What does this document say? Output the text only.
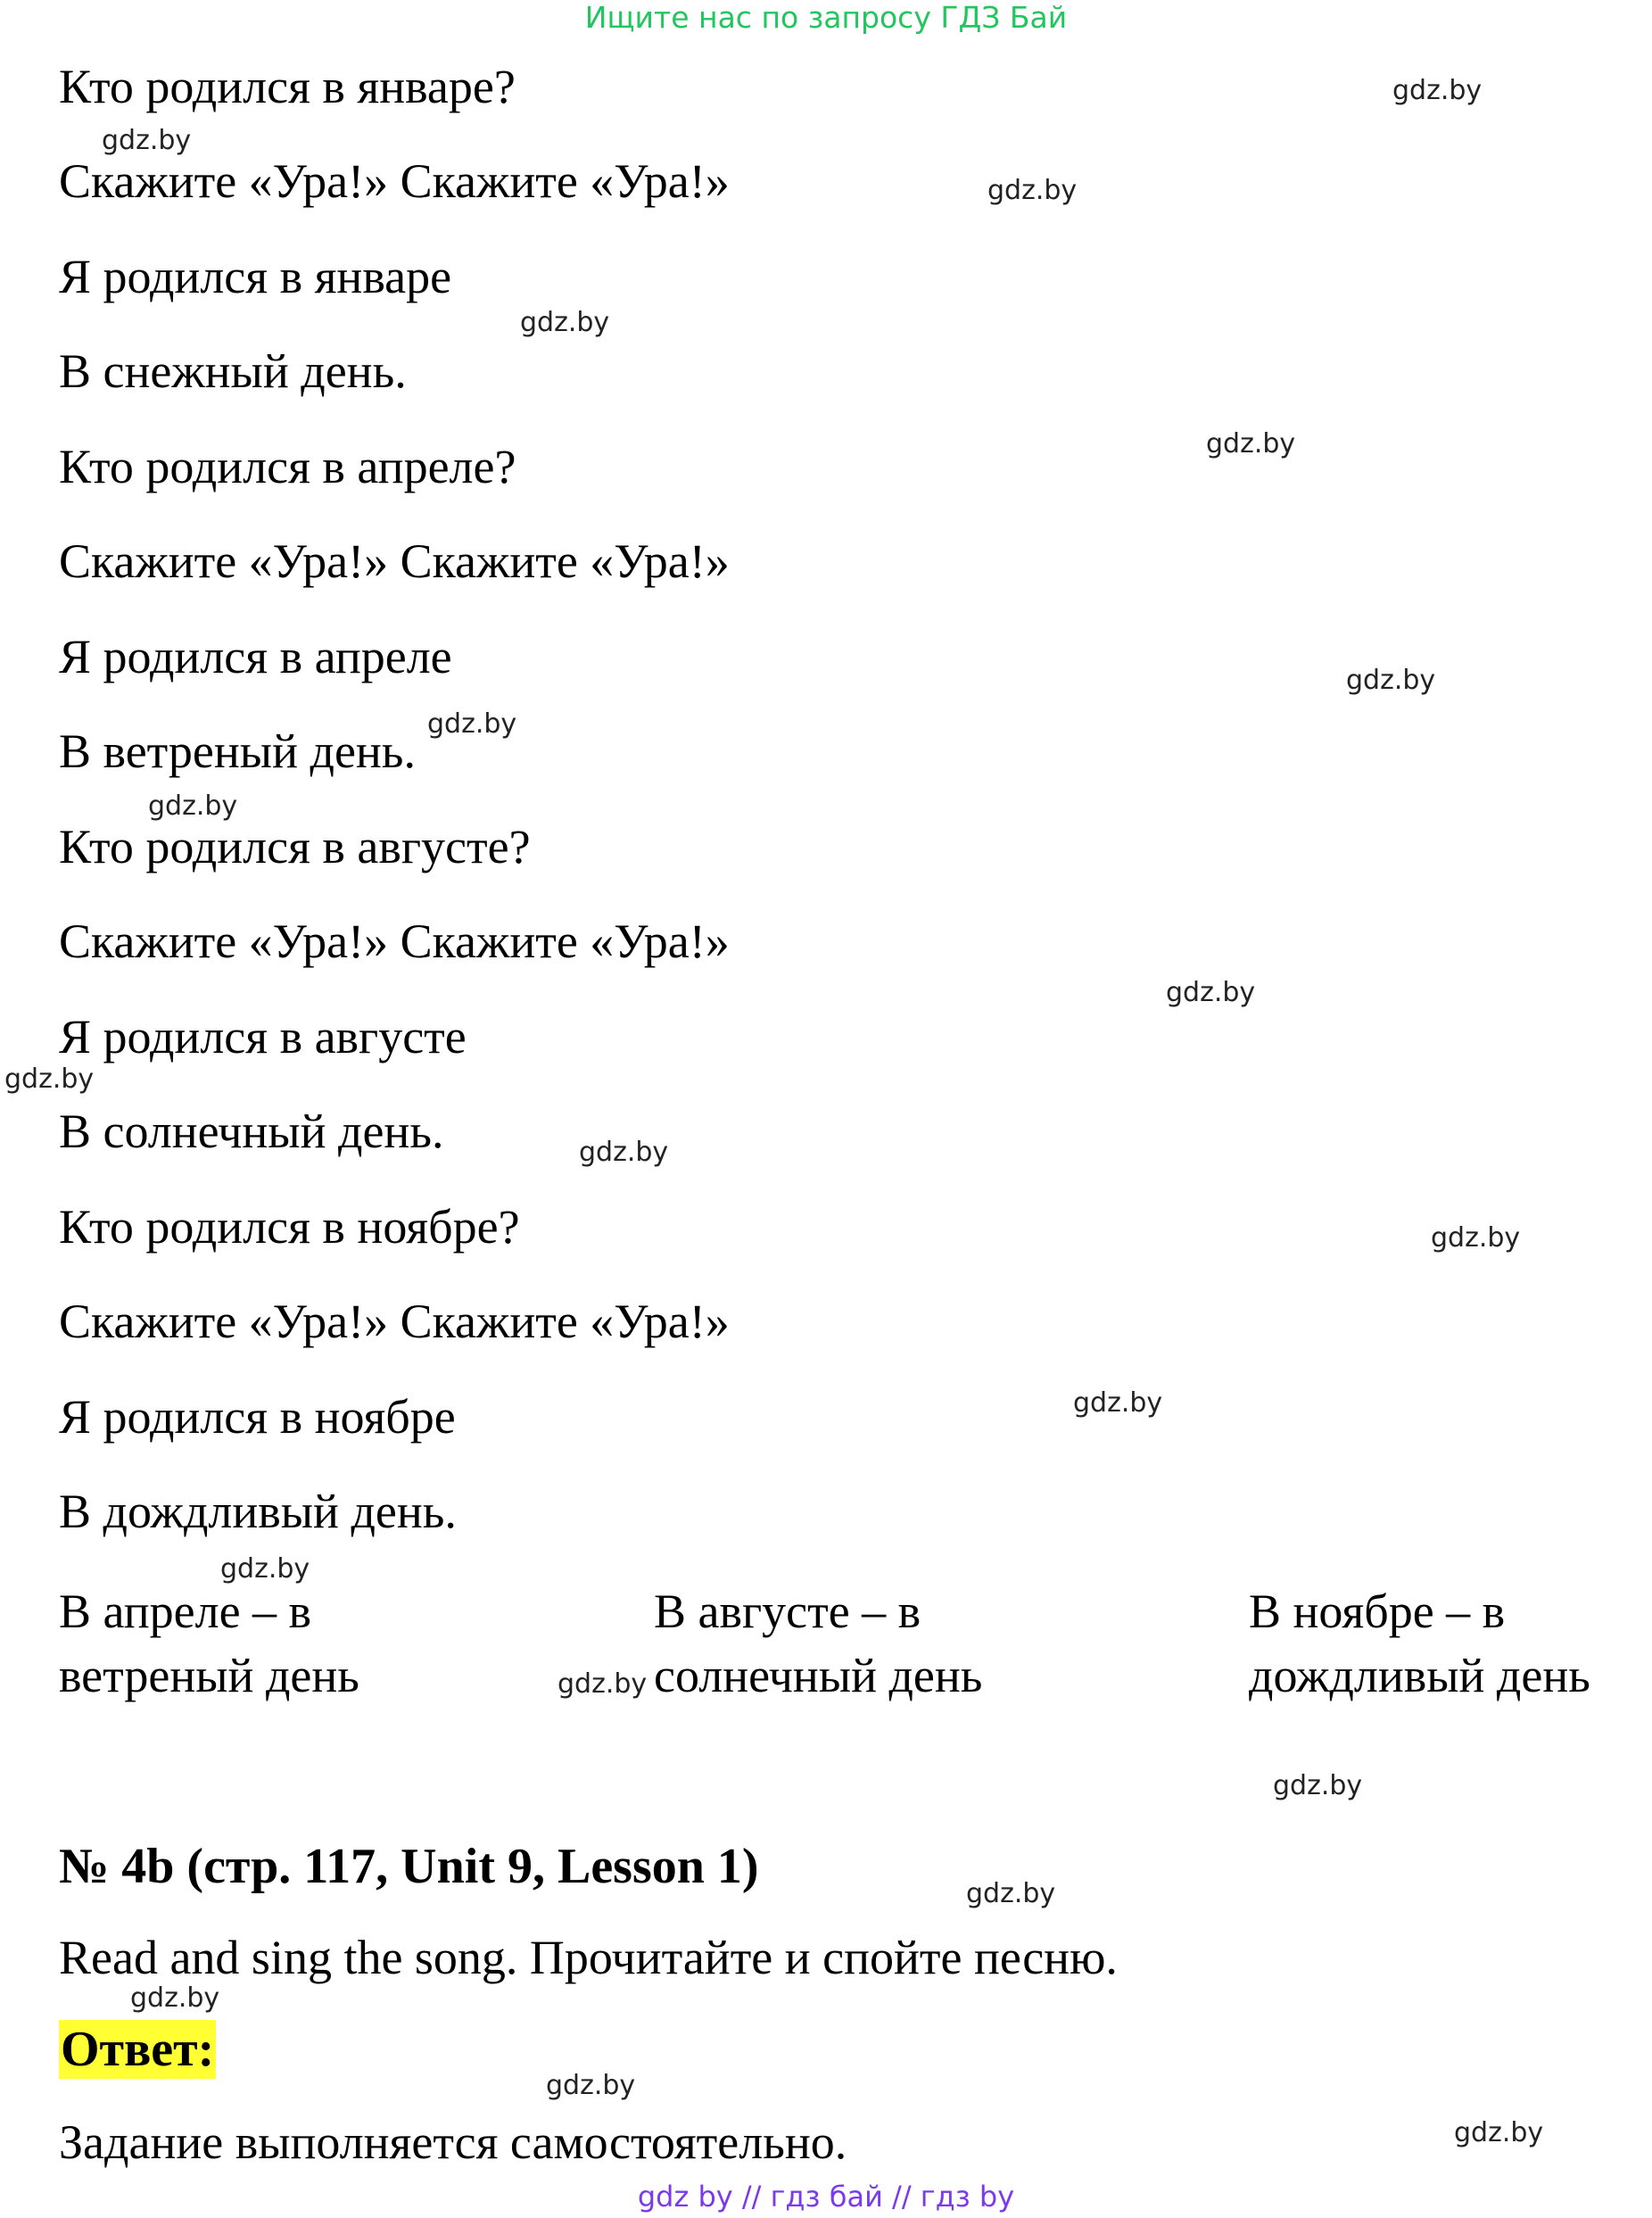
Ищите нас по запросу ГДЗ Бай
Кто родился в январе?
Скажите «Ура!» Скажите «Ура!»
Я родился в январе
В снежный день.
Кто родился в апреле?
Скажите «Ура!» Скажите «Ура!»
Я родился в апреле
В ветреный день.
Кто родился в августе?
Скажите «Ура!» Скажите «Ура!»
Я родился в августе
В солнечный день.
Кто родился в ноябре?
Скажите «Ура!» Скажите «Ура!»
Я родился в ноябре
В дождливый день.
В апреле – в
ветреный день
В августе – в
солнечный день
В ноябре – в
дождливый день
№ 4b (стр. 117, Unit 9, Lesson 1)
Read and sing the song. Прочитайте и спойте песню.
Ответ:
Задание выполняется самостоятельно.
gdz.by
gdz.by
gdz.by
gdz.by
gdz.by
gdz.by
gdz.by
gdz.by
gdz.by
gdz.by
gdz.by
gdz.by
gdz.by
gdz.by
gdz.by
gdz.by
gdz.by
gdz.by
gdz.by
gdz.by
gdz by // гдз бай // гдз by
